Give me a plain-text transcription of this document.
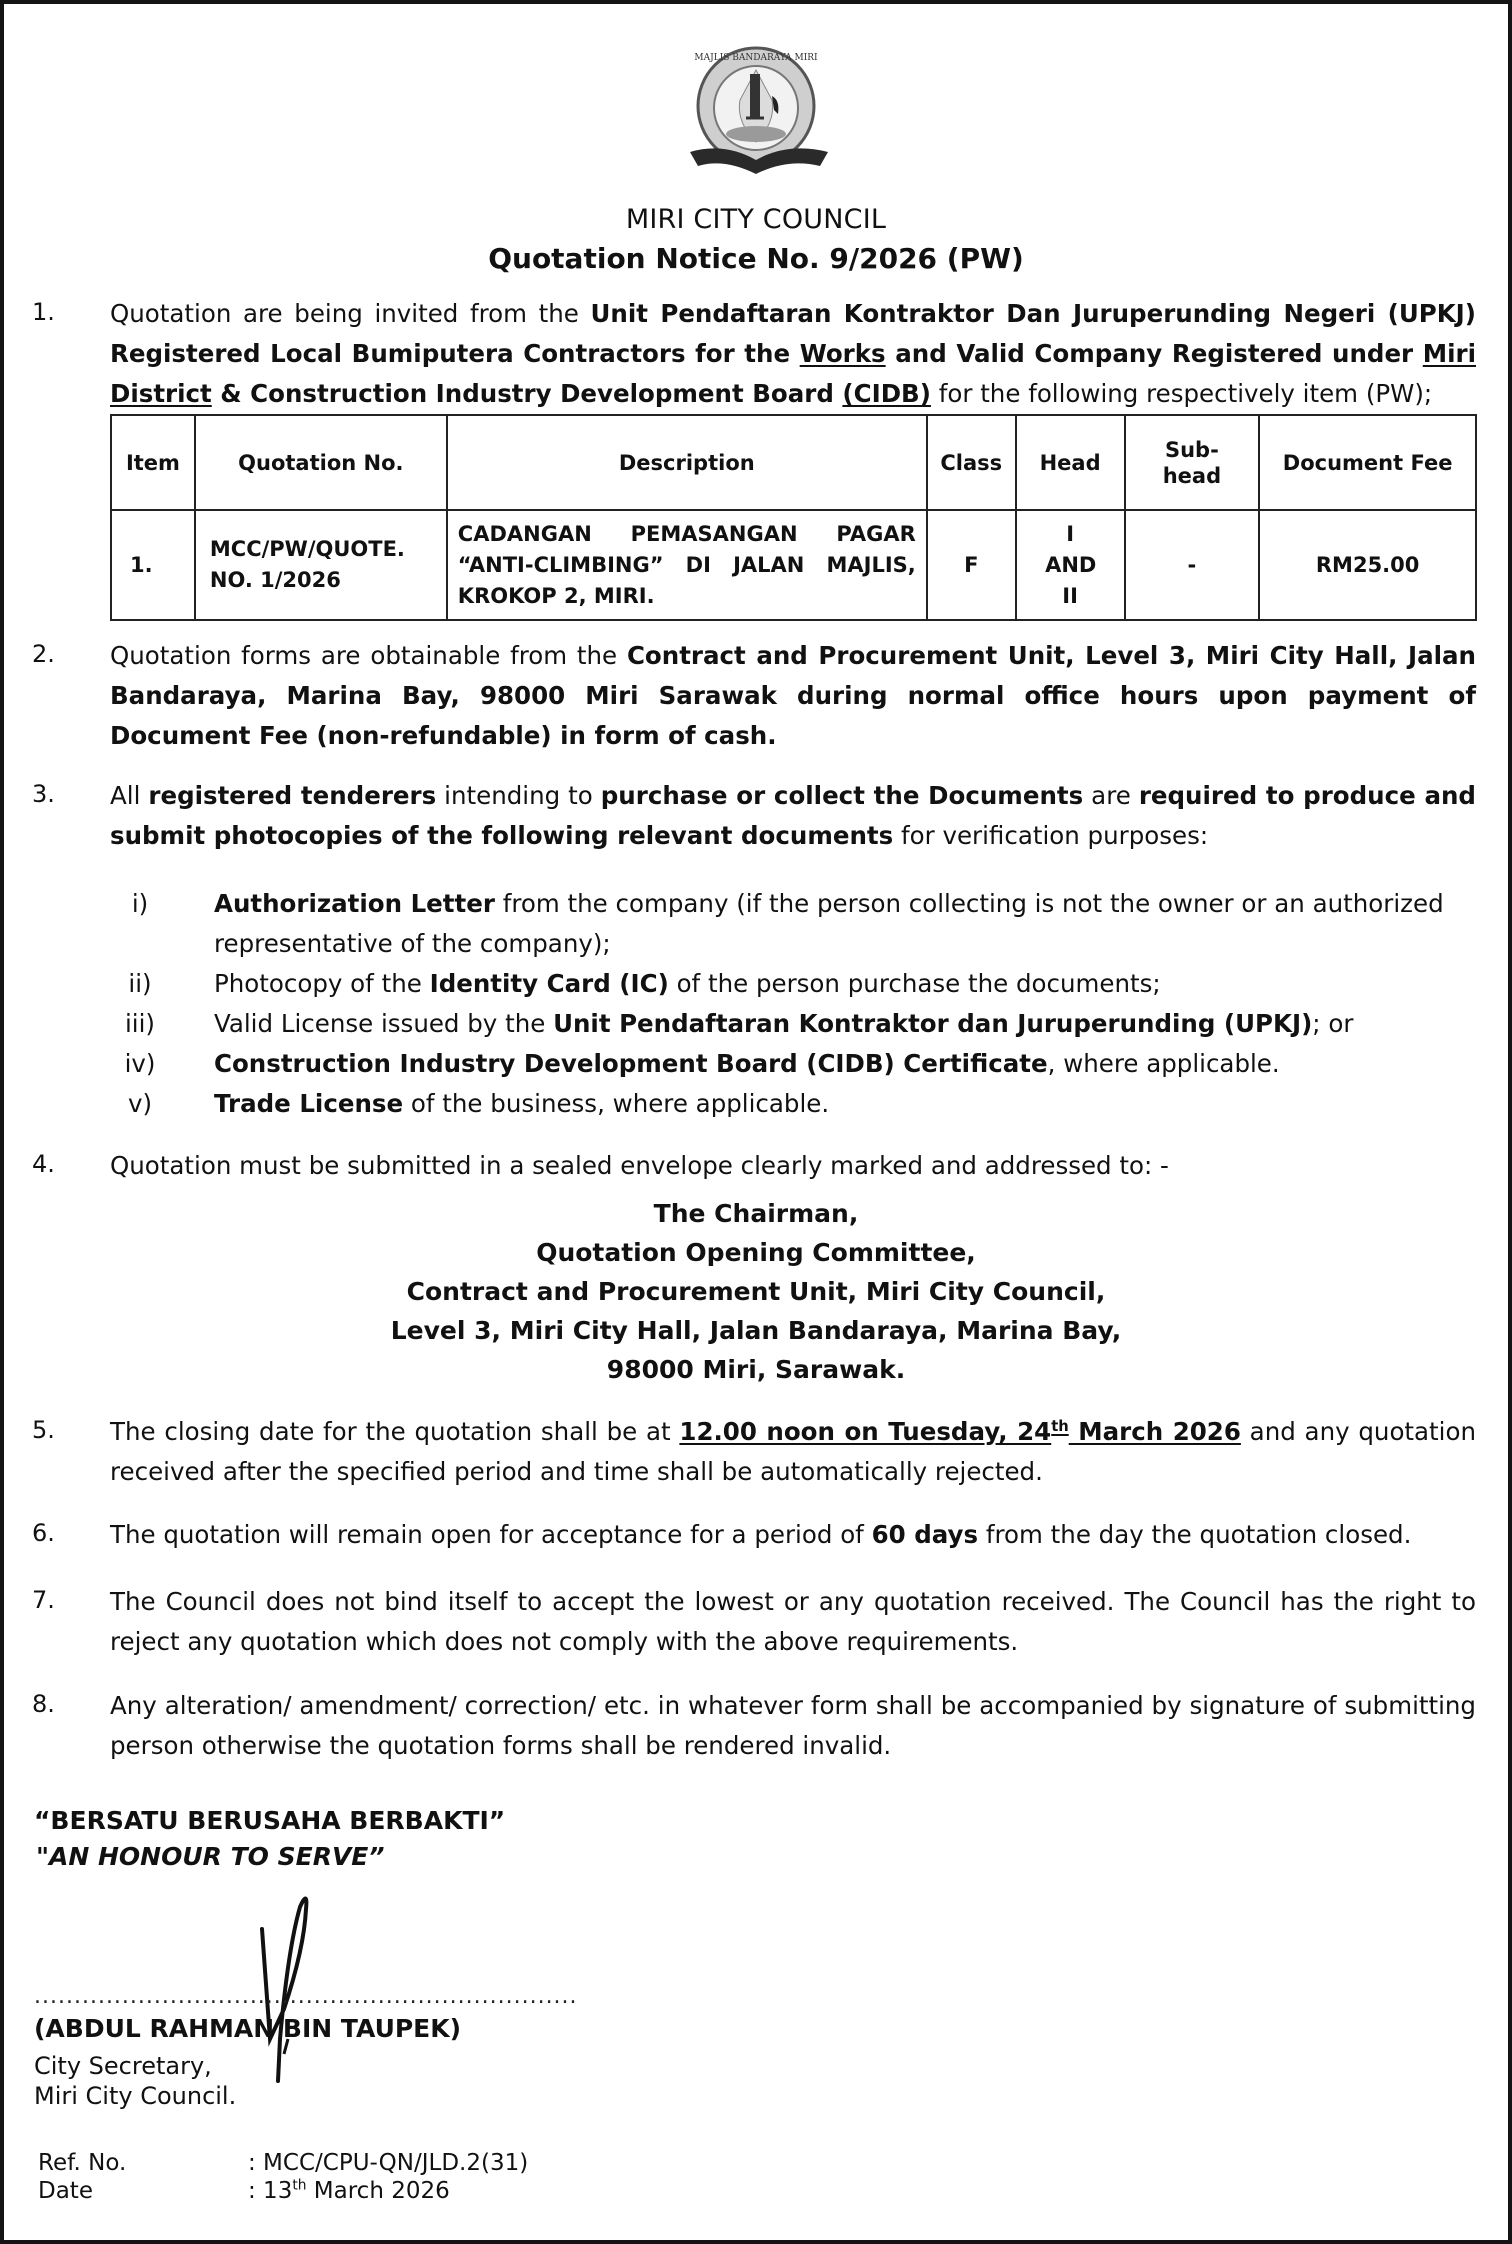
MAJLIS BANDARAYA MIRI
MIRI CITY COUNCIL
Quotation Notice No. 9/2026 (PW)
1. Quotation are being invited from the Unit Pendaftaran Kontraktor Dan Juruperunding Negeri (UPKJ) Registered Local Bumiputera Contractors for the Works and Valid Company Registered under Miri District & Construction Industry Development Board (CIDB) for the following respectively item (PW);
Item	Quotation No.	Description	Class	Head	Sub-head	Document Fee
1.	MCC/PW/QUOTE. NO. 1/2026	CADANGAN PEMASANGAN PAGAR “ANTI-CLIMBING” DI JALAN MAJLIS, KROKOP 2, MIRI.	F	I AND II	-	RM25.00
2. Quotation forms are obtainable from the Contract and Procurement Unit, Level 3, Miri City Hall, Jalan Bandaraya, Marina Bay, 98000 Miri Sarawak during normal office hours upon payment of Document Fee (non-refundable) in form of cash.
3. All registered tenderers intending to purchase or collect the Documents are required to produce and submit photocopies of the following relevant documents for verification purposes:
i)	Authorization Letter from the company (if the person collecting is not the owner or an authorized representative of the company);
ii)	Photocopy of the Identity Card (IC) of the person purchase the documents;
iii)	Valid License issued by the Unit Pendaftaran Kontraktor dan Juruperunding (UPKJ); or
iv)	Construction Industry Development Board (CIDB) Certificate, where applicable.
v)	Trade License of the business, where applicable.
4. Quotation must be submitted in a sealed envelope clearly marked and addressed to: -
The Chairman,
Quotation Opening Committee,
Contract and Procurement Unit, Miri City Council,
Level 3, Miri City Hall, Jalan Bandaraya, Marina Bay,
98000 Miri, Sarawak.
5. The closing date for the quotation shall be at 12.00 noon on Tuesday, 24th March 2026 and any quotation received after the specified period and time shall be automatically rejected.
6. The quotation will remain open for acceptance for a period of 60 days from the day the quotation closed.
7. The Council does not bind itself to accept the lowest or any quotation received. The Council has the right to reject any quotation which does not comply with the above requirements.
8. Any alteration/ amendment/ correction/ etc. in whatever form shall be accompanied by signature of submitting person otherwise the quotation forms shall be rendered invalid.
“BERSATU BERUSAHA BERBAKTI”
"AN HONOUR TO SERVE”
....................................................................
(ABDUL RAHMAN BIN TAUPEK)
City Secretary,
Miri City Council.
Ref. No.	: MCC/CPU-QN/JLD.2(31)
Date	: 13th March 2026
